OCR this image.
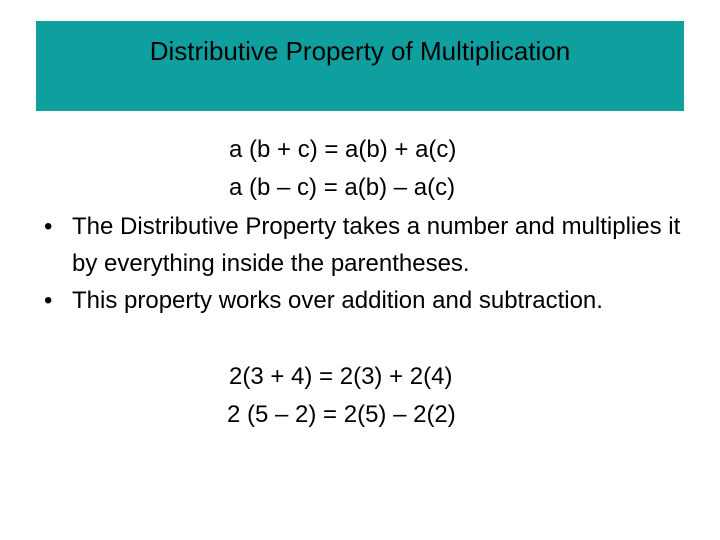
Distributive Property of Multiplication
a (b + c) = a(b) + a(c)
a (b – c) = a(b) – a(c)
• The Distributive Property takes a number and multiplies it by everything inside the parentheses.
• This property works over addition and subtraction.
2(3 + 4) = 2(3) + 2(4)
2 (5 – 2) = 2(5) – 2(2)
